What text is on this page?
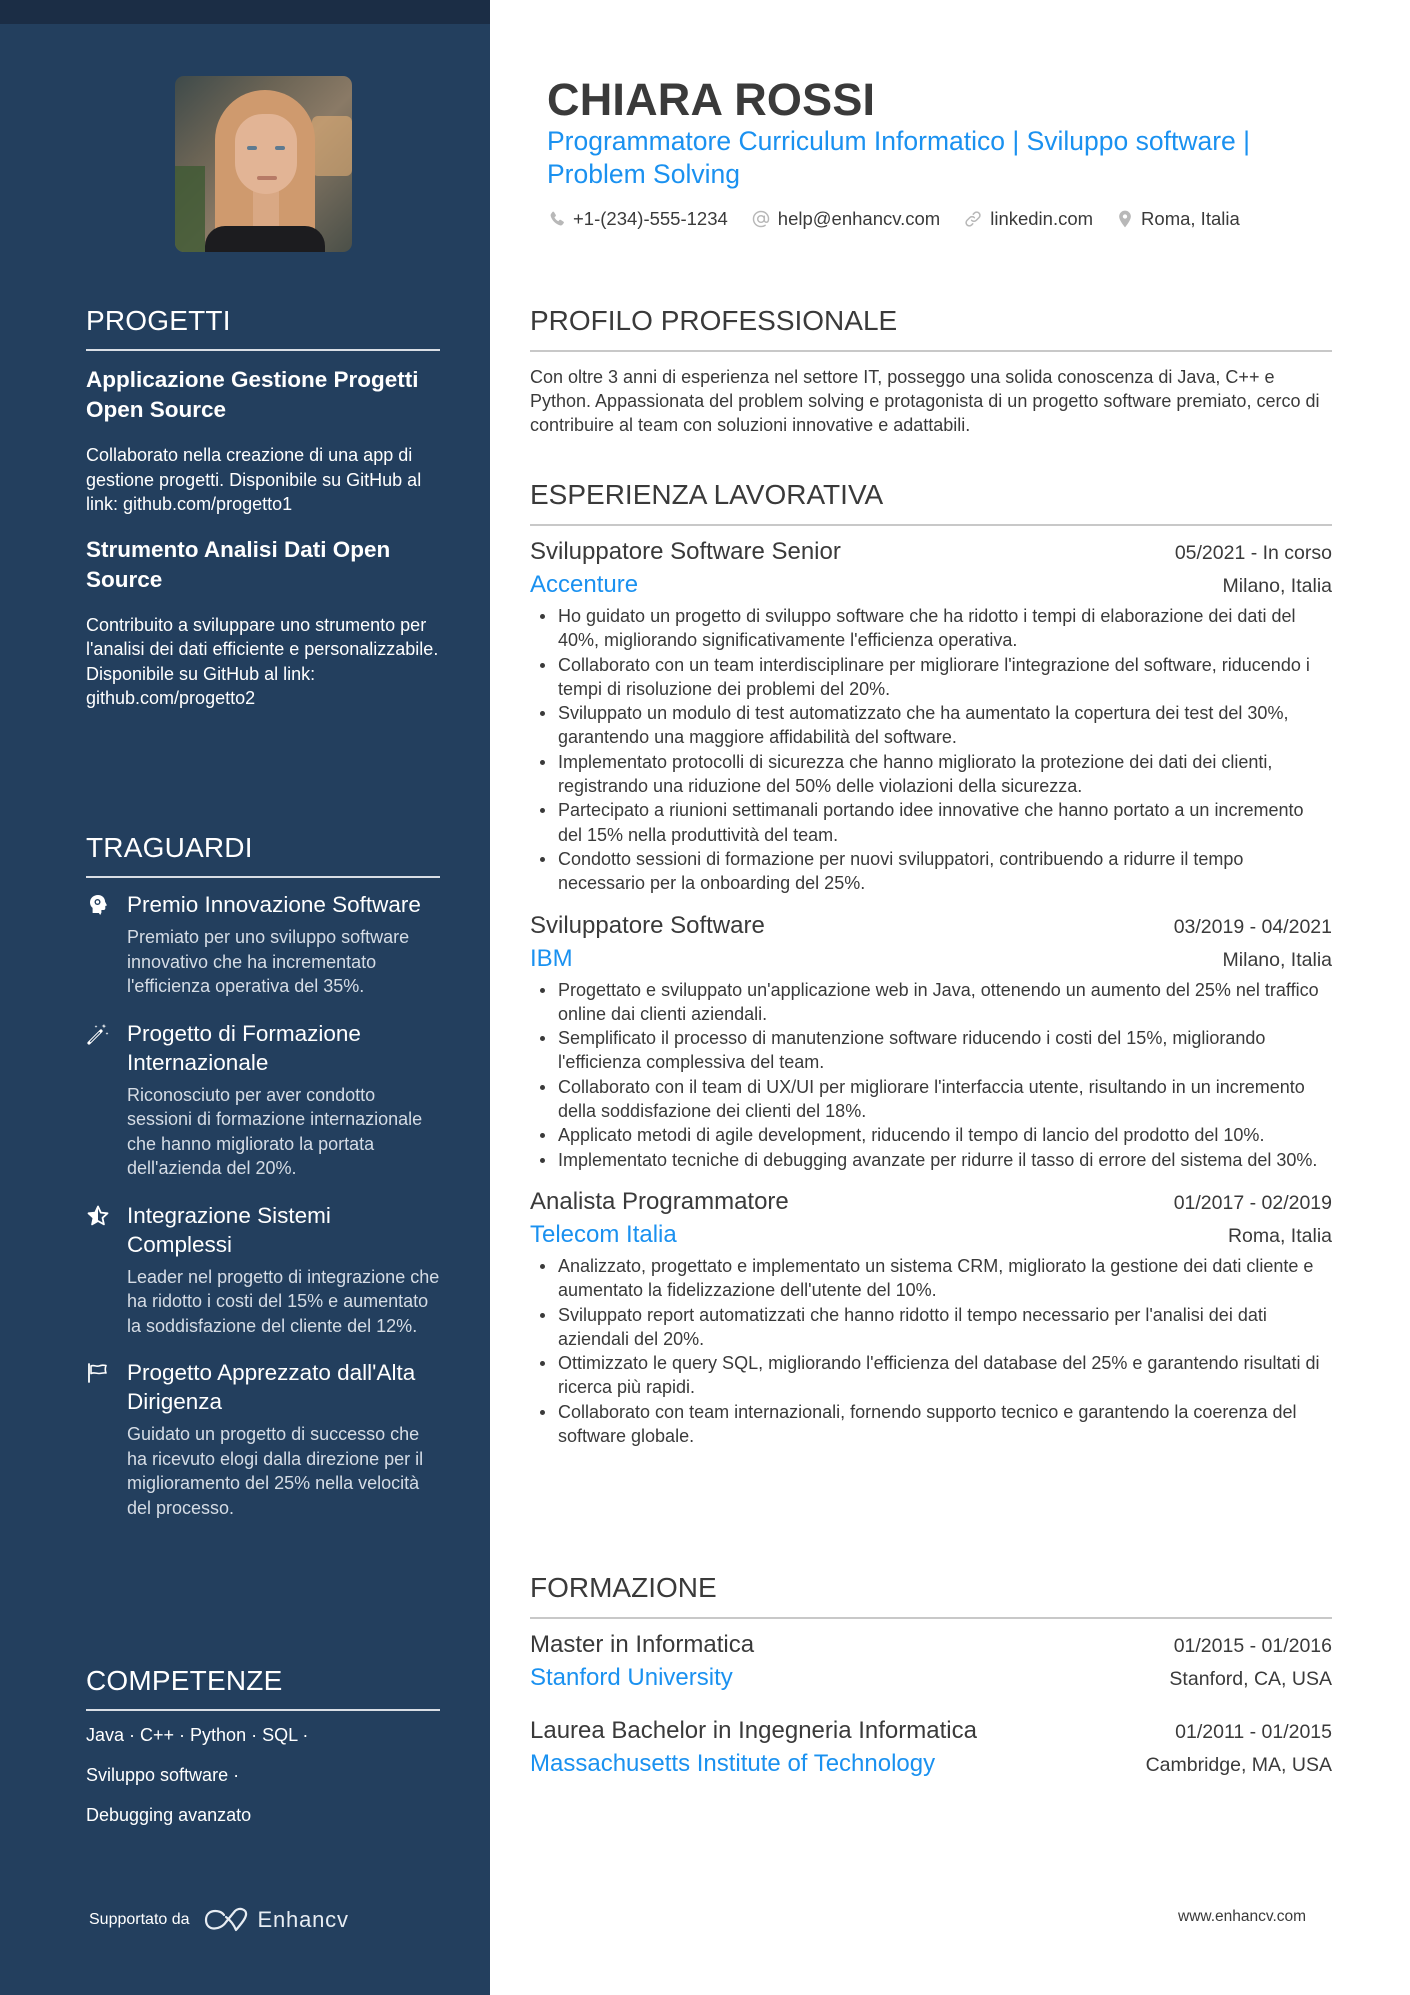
PROGETTI
Applicazione Gestione Progetti Open Source
Collaborato nella creazione di una app di gestione progetti. Disponibile su GitHub al link: github.com/progetto1
Strumento Analisi Dati Open Source
Contribuito a sviluppare uno strumento per l'analisi dei dati efficiente e personalizzabile. Disponibile su GitHub al link: github.com/progetto2
TRAGUARDI
Premio Innovazione Software
Premiato per uno sviluppo software innovativo che ha incrementato l'efficienza operativa del 35%.
Progetto di Formazione Internazionale
Riconosciuto per aver condotto sessioni di formazione internazionale che hanno migliorato la portata dell'azienda del 20%.
Integrazione Sistemi Complessi
Leader nel progetto di integrazione che ha ridotto i costi del 15% e aumentato la soddisfazione del cliente del 12%.
Progetto Apprezzato dall'Alta Dirigenza
Guidato un progetto di successo che ha ricevuto elogi dalla direzione per il miglioramento del 25% nella velocità del processo.
COMPETENZE
Java · C++ · Python · SQL ·
Sviluppo software ·
Debugging avanzato
Supportato da	Enhancv
CHIARA ROSSI
Programmatore Curriculum Informatico | Sviluppo software | Problem Solving
+1-(234)-555-1234	help@enhancv.com	linkedin.com	Roma, Italia
PROFILO PROFESSIONALE

Con oltre 3 anni di esperienza nel settore IT, posseggo una solida conoscenza di Java, C++ e Python. Appassionata del problem solving e protagonista di un progetto software premiato, cerco di contribuire al team con soluzioni innovative e adattabili.

ESPERIENZA LAVORATIVA
Sviluppatore Software Senior	05/2021 - In corso
Accenture	Milano, Italia
Ho guidato un progetto di sviluppo software che ha ridotto i tempi di elaborazione dei dati del 40%, migliorando significativamente l'efficienza operativa.
Collaborato con un team interdisciplinare per migliorare l'integrazione del software, riducendo i tempi di risoluzione dei problemi del 20%.
Sviluppato un modulo di test automatizzato che ha aumentato la copertura dei test del 30%, garantendo una maggiore affidabilità del software.
Implementato protocolli di sicurezza che hanno migliorato la protezione dei dati dei clienti, registrando una riduzione del 50% delle violazioni della sicurezza.
Partecipato a riunioni settimanali portando idee innovative che hanno portato a un incremento del 15% nella produttività del team.
Condotto sessioni di formazione per nuovi sviluppatori, contribuendo a ridurre il tempo necessario per la onboarding del 25%.
Sviluppatore Software	03/2019 - 04/2021
IBM	Milano, Italia
Progettato e sviluppato un'applicazione web in Java, ottenendo un aumento del 25% nel traffico online dai clienti aziendali.
Semplificato il processo di manutenzione software riducendo i costi del 15%, migliorando l'efficienza complessiva del team.
Collaborato con il team di UX/UI per migliorare l'interfaccia utente, risultando in un incremento della soddisfazione dei clienti del 18%.
Applicato metodi di agile development, riducendo il tempo di lancio del prodotto del 10%.
Implementato tecniche di debugging avanzate per ridurre il tasso di errore del sistema del 30%.
Analista Programmatore	01/2017 - 02/2019
Telecom Italia	Roma, Italia
Analizzato, progettato e implementato un sistema CRM, migliorato la gestione dei dati cliente e aumentato la fidelizzazione dell'utente del 10%.
Sviluppato report automatizzati che hanno ridotto il tempo necessario per l'analisi dei dati aziendali del 20%.
Ottimizzato le query SQL, migliorando l'efficienza del database del 25% e garantendo risultati di ricerca più rapidi.
Collaborato con team internazionali, fornendo supporto tecnico e garantendo la coerenza del software globale.
FORMAZIONE
Master in Informatica	01/2015 - 01/2016
Stanford University	Stanford, CA, USA
Laurea Bachelor in Ingegneria Informatica	01/2011 - 01/2015
Massachusetts Institute of Technology	Cambridge, MA, USA
www.enhancv.com
